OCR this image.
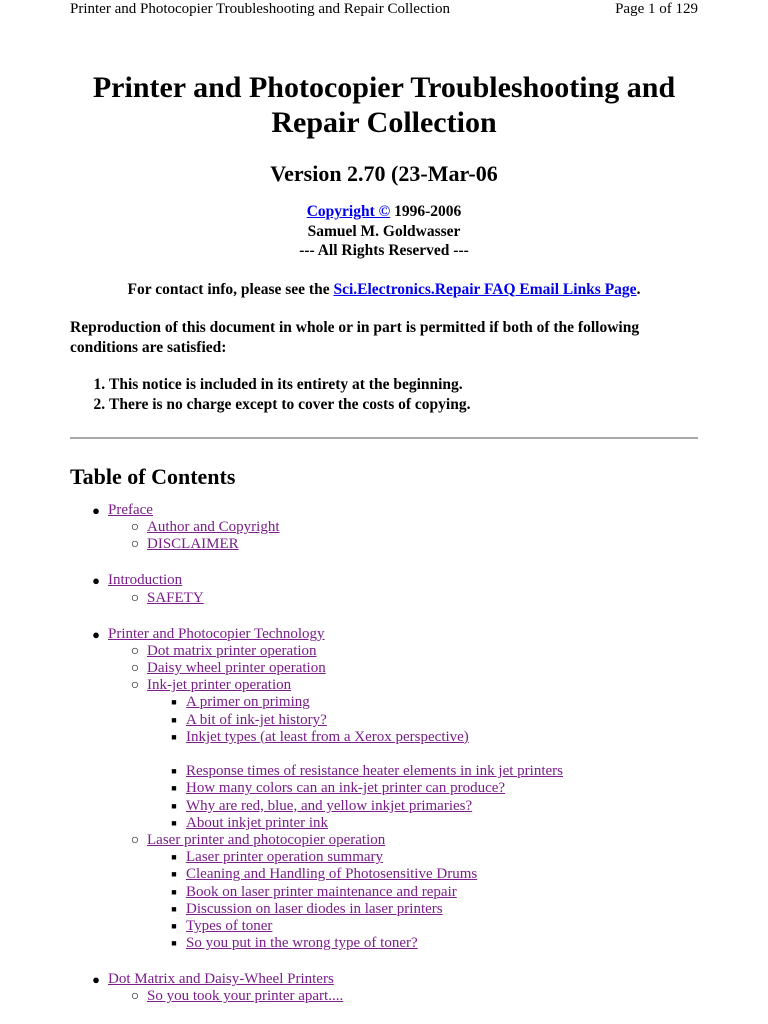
Printer and Photocopier Troubleshooting and Repair Collection	Page 1 of 129
Printer and Photocopier Troubleshooting and
Repair Collection
Version 2.70 (23-Mar-06
Copyright © 1996-2006
Samuel M. Goldwasser
--- All Rights Reserved ---
For contact info, please see the Sci.Electronics.Repair FAQ Email Links Page.
Reproduction of this document in whole or in part is permitted if both of the following conditions are satisfied:
1. This notice is included in its entirety at the beginning.
2. There is no charge except to cover the costs of copying.
Table of Contents
● Preface
○ Author and Copyright
○ DISCLAIMER
● Introduction
○ SAFETY
● Printer and Photocopier Technology
○ Dot matrix printer operation
○ Daisy wheel printer operation
○ Ink-jet printer operation
■ A primer on priming
■ A bit of ink-jet history?
■ Inkjet types (at least from a Xerox perspective)
■ Response times of resistance heater elements in ink jet printers
■ How many colors can an ink-jet printer can produce?
■ Why are red, blue, and yellow inkjet primaries?
■ About inkjet printer ink
○ Laser printer and photocopier operation
■ Laser printer operation summary
■ Cleaning and Handling of Photosensitive Drums
■ Book on laser printer maintenance and repair
■ Discussion on laser diodes in laser printers
■ Types of toner
■ So you put in the wrong type of toner?
● Dot Matrix and Daisy-Wheel Printers
○ So you took your printer apart....
